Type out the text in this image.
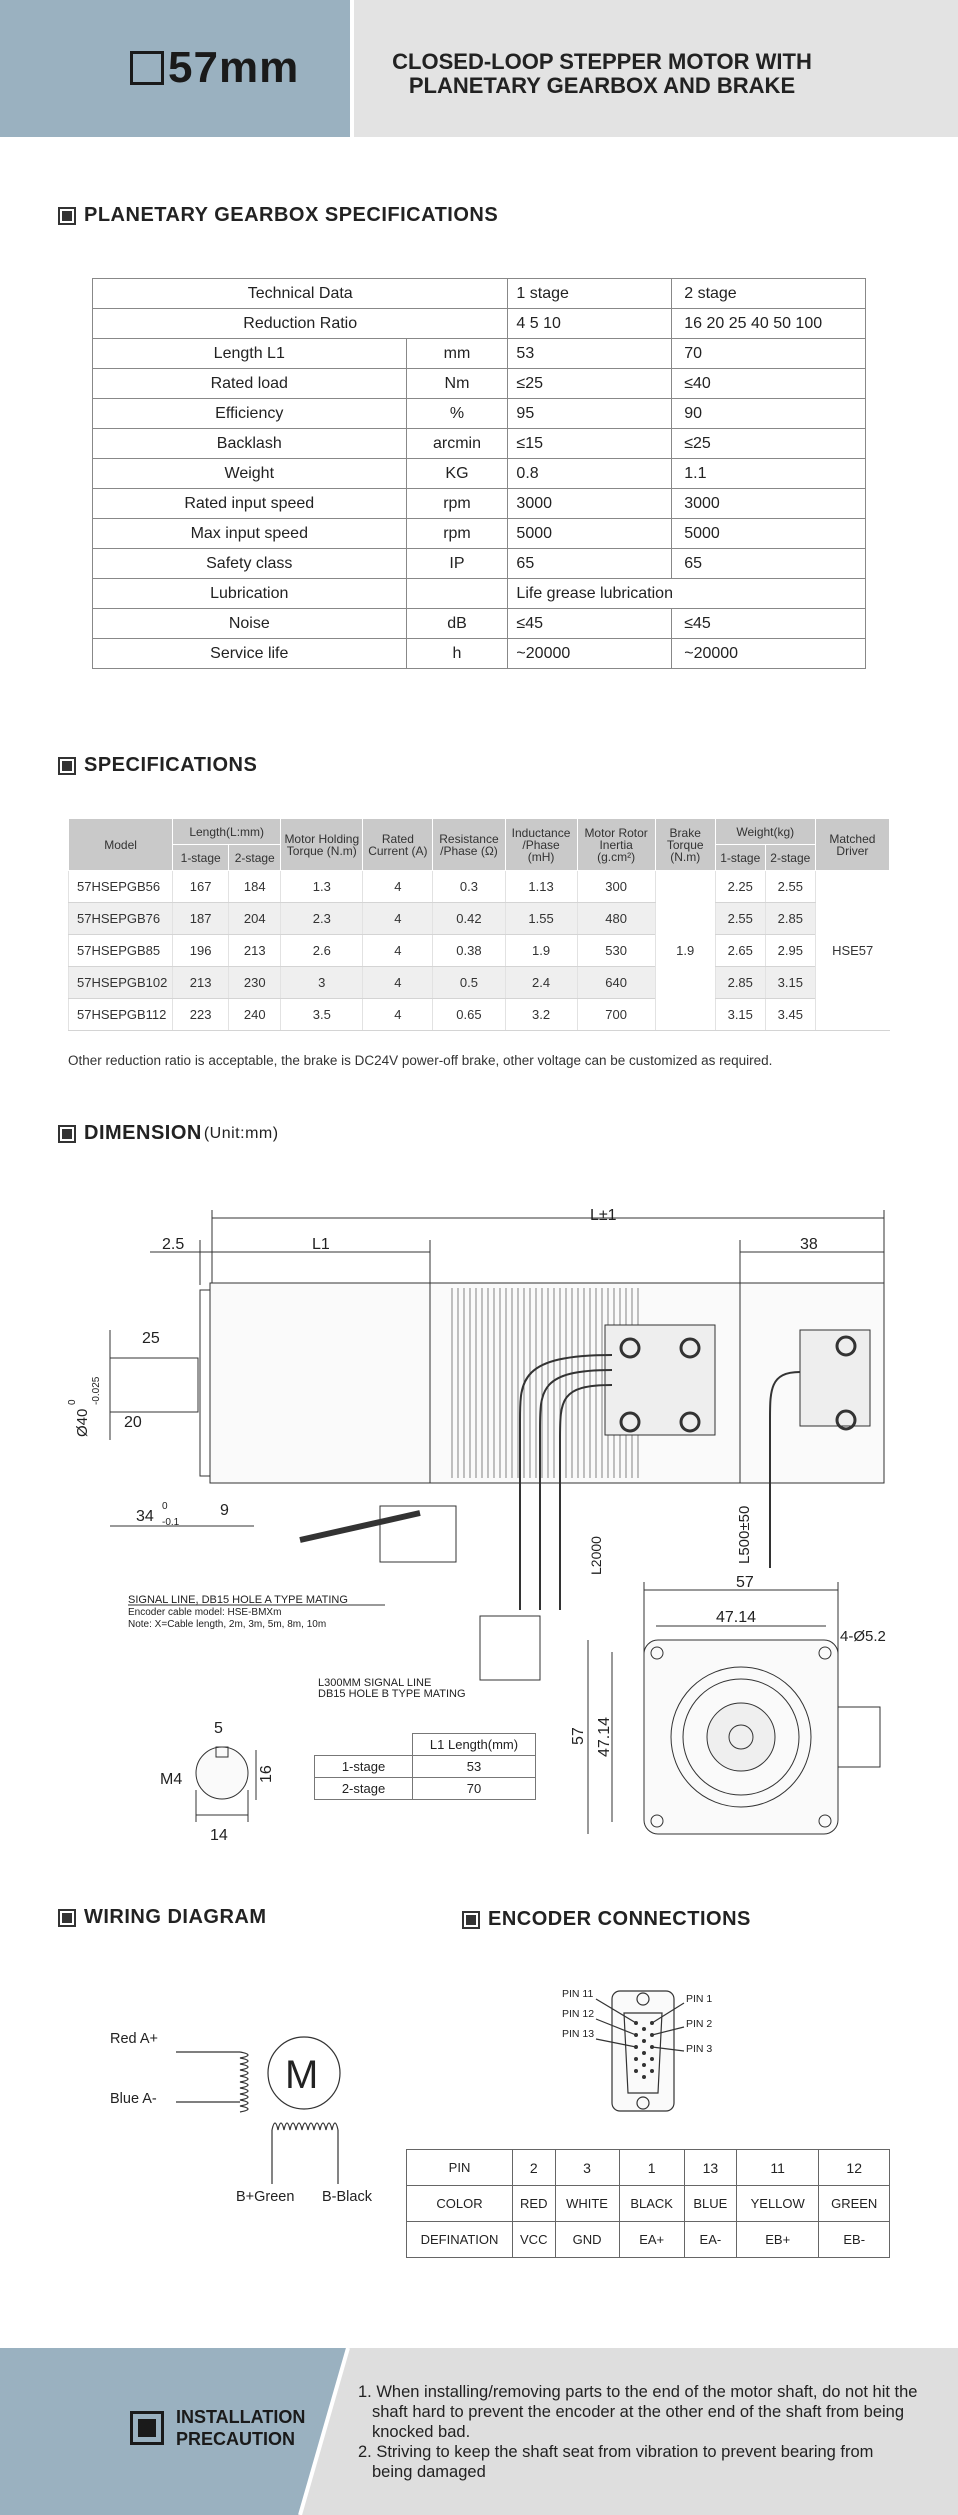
57mm	CLOSED-LOOP STEPPER MOTOR WITH
PLANETARY GEARBOX AND BRAKE
PLANETARY GEARBOX SPECIFICATIONS
Technical Data		1 stage	2 stage
Reduction Ratio		4 5 10	16 20 25 40 50 100
Length L1	mm	53	70
Rated load	Nm	≤25	≤40
Efficiency	%	95	90
Backlash	arcmin	≤15	≤25
Weight	KG	0.8	1.1
Rated input speed	rpm	3000	3000
Max input speed	rpm	5000	5000
Safety class	IP	65	65
Lubrication		Life grease lubrication	
Noise	dB	≤45	≤45
Service life	h	~20000	~20000
SPECIFICATIONS
Model	Length(L:mm)		Motor Holding Torque (N.m)	Rated Current (A)	Resistance /Phase (Ω)	Inductance /Phase (mH)	Motor Rotor Inertia (g.cm²)	Brake Torque (N.m)	Weight(kg)		Matched Driver
	1-stage	2-stage							1-stage	2-stage	
57HSEPGB56	167	184	1.3	4	0.3	1.13	300	1.9	2.25	2.55	HSE57
57HSEPGB76	187	204	2.3	4	0.42	1.55	480		2.55	2.85	
57HSEPGB85	196	213	2.6	4	0.38	1.9	530		2.65	2.95	
57HSEPGB102	213	230	3	4	0.5	2.4	640		2.85	3.15	
57HSEPGB112	223	240	3.5	4	0.65	3.2	700		3.15	3.45	
Other reduction ratio is acceptable, the brake is DC24V power-off brake, other voltage can be customized as required.
DIMENSION (Unit:mm)
L±1
L1
2.5	38
25
20
Ø40
-0.025
0
34 -0.1
0	9
L2000	L500±50
SIGNAL LINE, DB15 HOLE A TYPE MATING
Encoder cable model: HSE-BMXm
Note: X=Cable length, 2m, 3m, 5m, 8m, 10m
L300MM SIGNAL LINE
DB15 HOLE B TYPE MATING
57
47.14
4-Ø5.2
57 47.14
5
M4	16
14
	L1 Length(mm)
1-stage	53
2-stage	70
WIRING DIAGRAM
M
Red A+
Blue A-
B+Green B-Black
ENCODER CONNECTIONS
PIN 11
PIN 12
PIN 13
PIN 1
PIN 2
PIN 3
PIN	2	3	1	13	11	12
COLOR	RED	WHITE	BLACK	BLUE	YELLOW	GREEN
DEFINATION	VCC	GND	EA+	EA-	EB+	EB-
INSTALLATION
PRECAUTION
1. When installing/removing parts to the end of the motor shaft, do not hit the shaft hard to prevent the encoder at the other end of the shaft from being knocked bad.
2. Striving to keep the shaft seat from vibration to prevent bearing from being damaged
